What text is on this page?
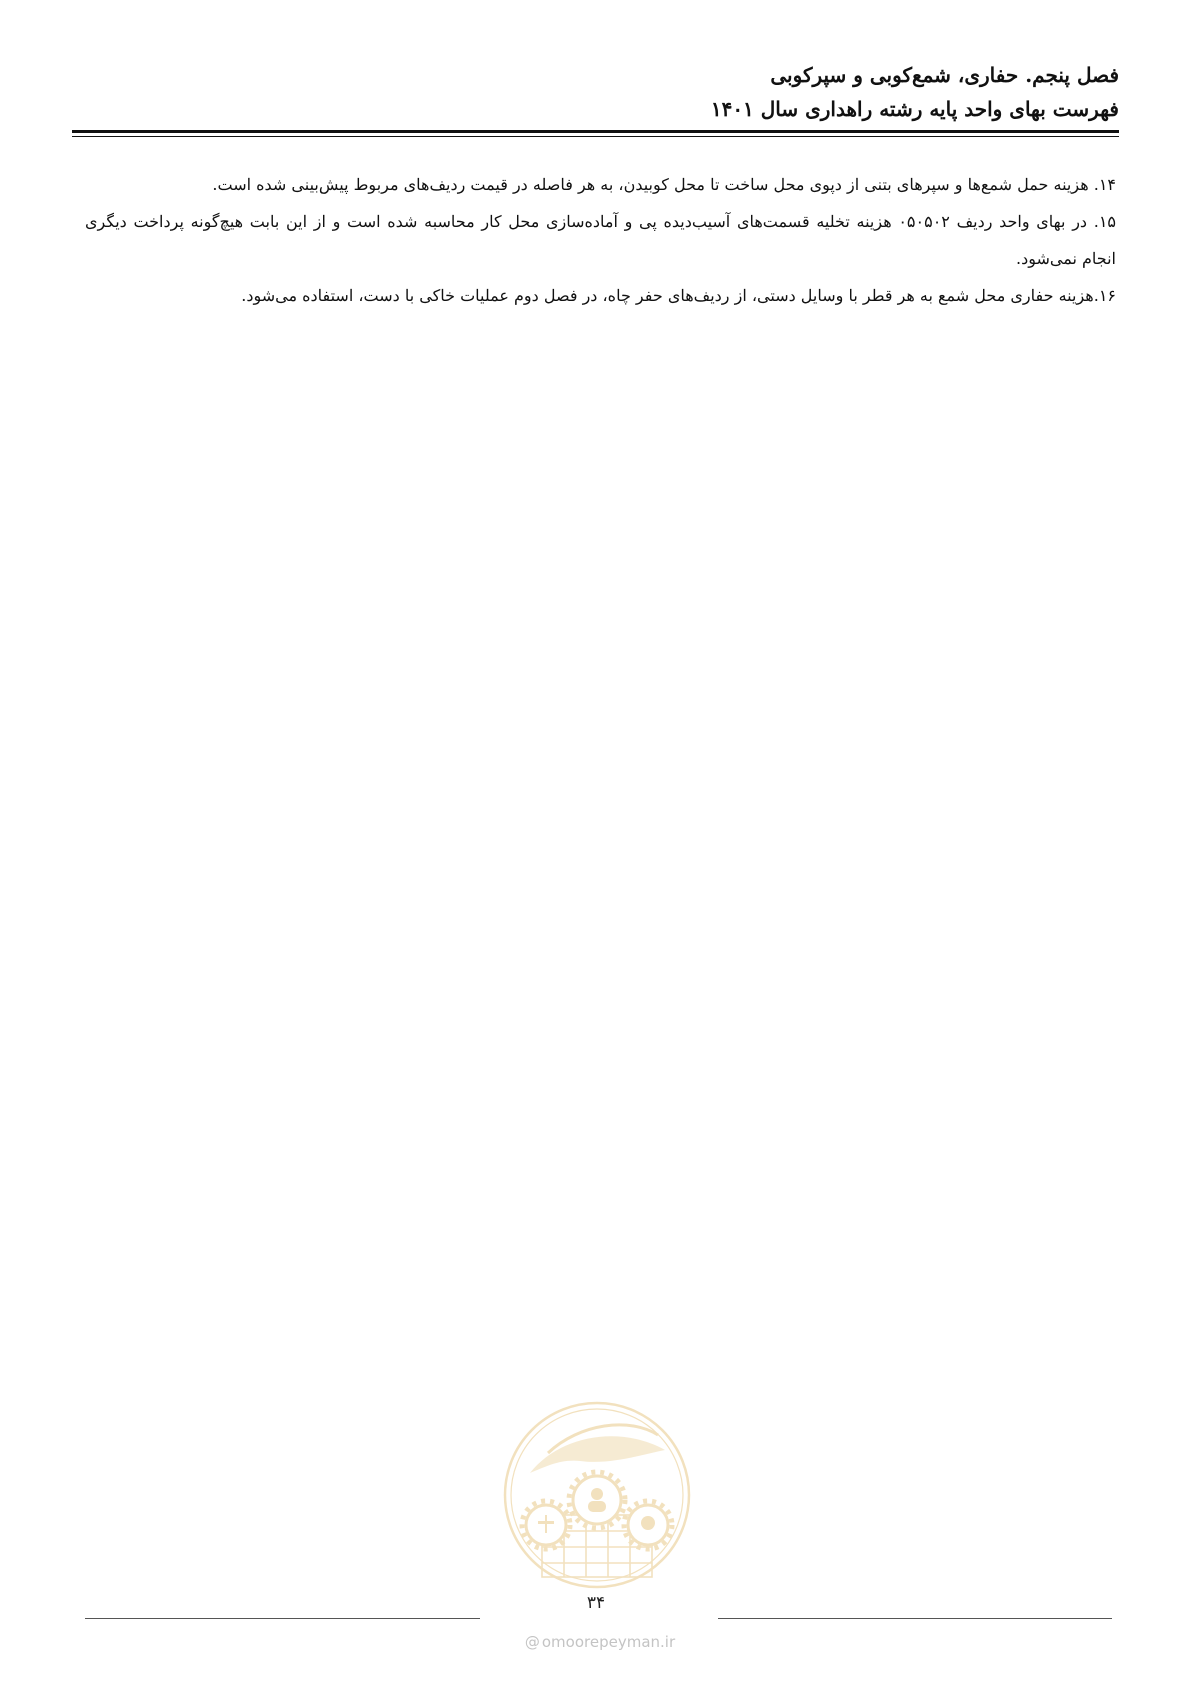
فصل پنجم. حفاری، شمع‌کوبی و سپرکوبی
فهرست بهای واحد پایه رشته راهداری سال ۱۴۰۱

۱۴. هزینه حمل شمع‌ها و سپرهای بتنی از دپوی محل ساخت تا محل کوبیدن، به هر فاصله در قیمت ردیف‌های مربوط پیش‌بینی شده است.

۱۵. در بهای واحد ردیف ۰۵۰۵۰۲ هزینه تخلیه قسمت‌های آسیب‌دیده پی و آماده‌سازی محل کار محاسبه شده است و از این بابت هیچ‌گونه پرداخت دیگری انجام نمی‌شود.

۱۶.هزینه حفاری محل شمع به هر قطر با وسایل دستی، از ردیف‌های حفر چاه، در فصل دوم عملیات خاکی با دست، استفاده می‌شود.

۳۴
@ omoorepeyman.ir
